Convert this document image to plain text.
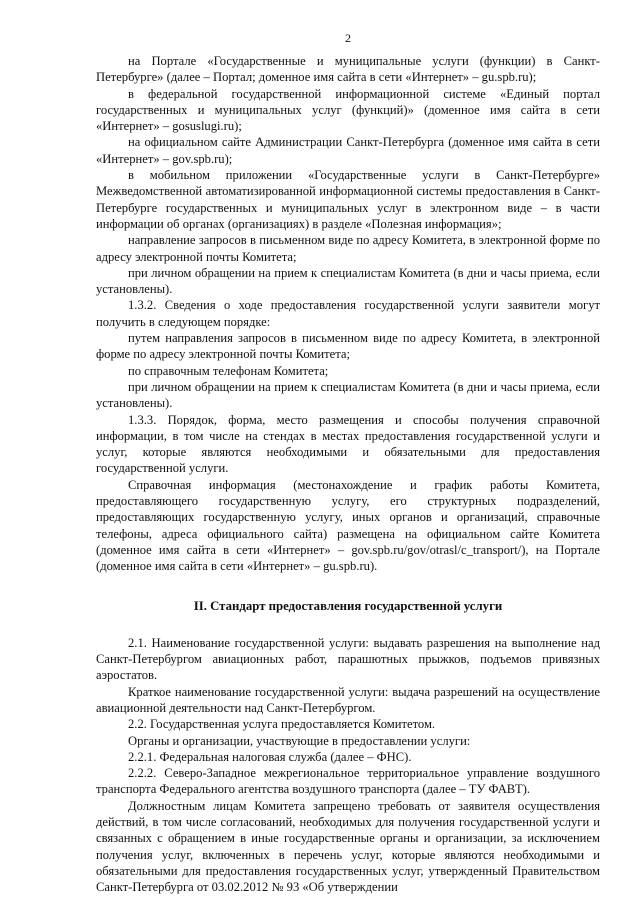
2

на Портале «Государственные и муниципальные услуги (функции) в Санкт-Петербурге» (далее – Портал; доменное имя сайта в сети «Интернет» – gu.spb.ru);

в федеральной государственной информационной системе «Единый портал государственных и муниципальных услуг (функций)» (доменное имя сайта в сети «Интернет» – gosuslugi.ru);

на официальном сайте Администрации Санкт-Петербурга (доменное имя сайта в сети «Интернет» – gov.spb.ru);

в мобильном приложении «Государственные услуги в Санкт-Петербурге» Межведомственной автоматизированной информационной системы предоставления в Санкт-Петербурге государственных и муниципальных услуг в электронном виде – в части информации об органах (организациях) в разделе «Полезная информация»;

направление запросов в письменном виде по адресу Комитета, в электронной форме по адресу электронной почты Комитета;

при личном обращении на прием к специалистам Комитета (в дни и часы приема, если установлены).

1.3.2. Сведения о ходе предоставления государственной услуги заявители могут получить в следующем порядке:

путем направления запросов в письменном виде по адресу Комитета, в электронной форме по адресу электронной почты Комитета;

по справочным телефонам Комитета;

при личном обращении на прием к специалистам Комитета (в дни и часы приема, если установлены).

1.3.3. Порядок, форма, место размещения и способы получения справочной информации, в том числе на стендах в местах предоставления государственной услуги и услуг, которые являются необходимыми и обязательными для предоставления государственной услуги.

Справочная информация (местонахождение и график работы Комитета, предоставляющего государственную услугу, его структурных подразделений, предоставляющих государственную услугу, иных органов и организаций, справочные телефоны, адреса официального сайта) размещена на официальном сайте Комитета (доменное имя сайта в сети «Интернет» – gov.spb.ru/gov/otrasl/c_transport/), на Портале (доменное имя сайта в сети «Интернет» – gu.spb.ru).

II. Стандарт предоставления государственной услуги

2.1. Наименование государственной услуги: выдавать разрешения на выполнение над Санкт-Петербургом авиационных работ, парашютных прыжков, подъемов привязных аэростатов.

Краткое наименование государственной услуги: выдача разрешений на осуществление авиационной деятельности над Санкт-Петербургом.

2.2. Государственная услуга предоставляется Комитетом.

Органы и организации, участвующие в предоставлении услуги:

2.2.1. Федеральная налоговая служба (далее – ФНС).

2.2.2. Северо-Западное межрегиональное территориальное управление воздушного транспорта Федерального агентства воздушного транспорта (далее – ТУ ФАВТ).

Должностным лицам Комитета запрещено требовать от заявителя осуществления действий, в том числе согласований, необходимых для получения государственной услуги и связанных с обращением в иные государственные органы и организации, за исключением получения услуг, включенных в перечень услуг, которые являются необходимыми и обязательными для предоставления государственных услуг, утвержденный Правительством Санкт-Петербурга от 03.02.2012 № 93 «Об утверждении
